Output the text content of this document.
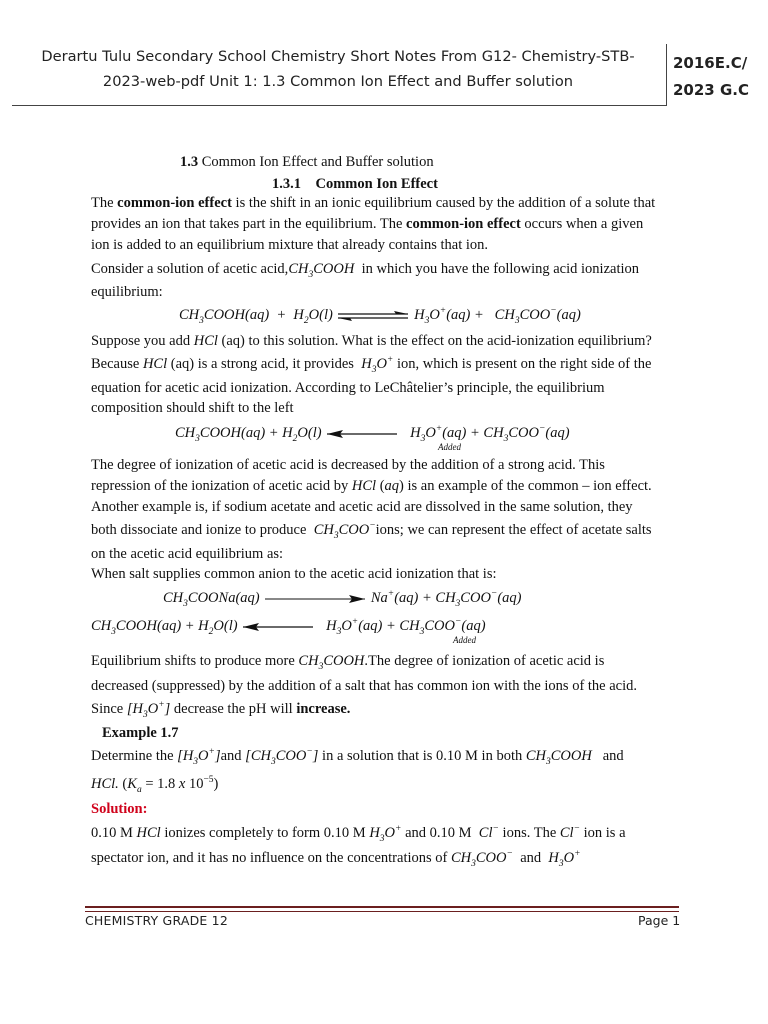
Derartu Tulu Secondary School Chemistry Short Notes From G12- Chemistry-STB-
2023-web-pdf Unit 1: 1.3 Common Ion Effect and Buffer solution
2016E.C/
2023 G.C
1.3 Common Ion Effect and Buffer solution
1.3.1 Common Ion Effect
The common-ion effect is the shift in an ionic equilibrium caused by the addition of a solute that
provides an ion that takes part in the equilibrium. The common-ion effect occurs when a given
ion is added to an equilibrium mixture that already contains that ion.
Consider a solution of acetic $acid,CH_3COOH$ in which you have the following acid ionization
equilibrium:
$CH_3COOH(aq) + H_2O(l)$	$H_3O^+(aq) + CH_3COO^-(aq)$
Suppose you add HCl (aq) to this solution. What is the effect on the acid-ionization equilibrium?
Because HCl (aq) is a strong acid, it provides $H_3O^+$ ion, which is present on the right side of the
equation for acetic acid ionization. According to LeChâtelier’s principle, the equilibrium
composition should shift to the left
$CH_3COOH(aq) + H_2O(l)$	$H_3O^+(aq) + CH_3COO^-(aq)$
Added
The degree of ionization of acetic acid is decreased by the addition of a strong acid. This
repression of the ionization of acetic acid by HCl (aq) is an example of the common – ion effect.
Another example is, if sodium acetate and acetic acid are dissolved in the same solution, they
both dissociate and ionize to produce $CH_3COO^-ions$; we can represent the effect of acetate salts
on the acetic acid equilibrium as:
When salt supplies common anion to the acetic acid ionization that is:
$CH_3COONa(aq)$	$Na^+(aq) + CH_3COO^-(aq)$
$CH_3COOH(aq) + H_2O(l)$	$H_3O^+(aq) + CH_3COO^-(aq)$
Added
Equilibrium shifts to produce more $CH_3COOH.The$ degree of ionization of acetic acid is
decreased (suppressed) by the addition of a salt that has common ion with the ions of the acid.
Since $[H_3O^+]$ decrease the pH will increase.
Example 1.7
Determine the $[H_3O^+]and$ $[CH_3COO^-]$ in a solution that is 0.10 M in both $CH_3COOH$ and
HCl. ($K_a = 1.8$ x $10^{-5}$)
Solution:
0.10 M HCl ionizes completely to form 0.10 M $H_3O^+$ and 0.10 M Cl− ions. The Cl− ion is a
spectator ion, and it has no influence on the concentrations of $CH_3COO^-$ and $H_3O^+$
CHEMISTRY GRADE 12	Page 1
